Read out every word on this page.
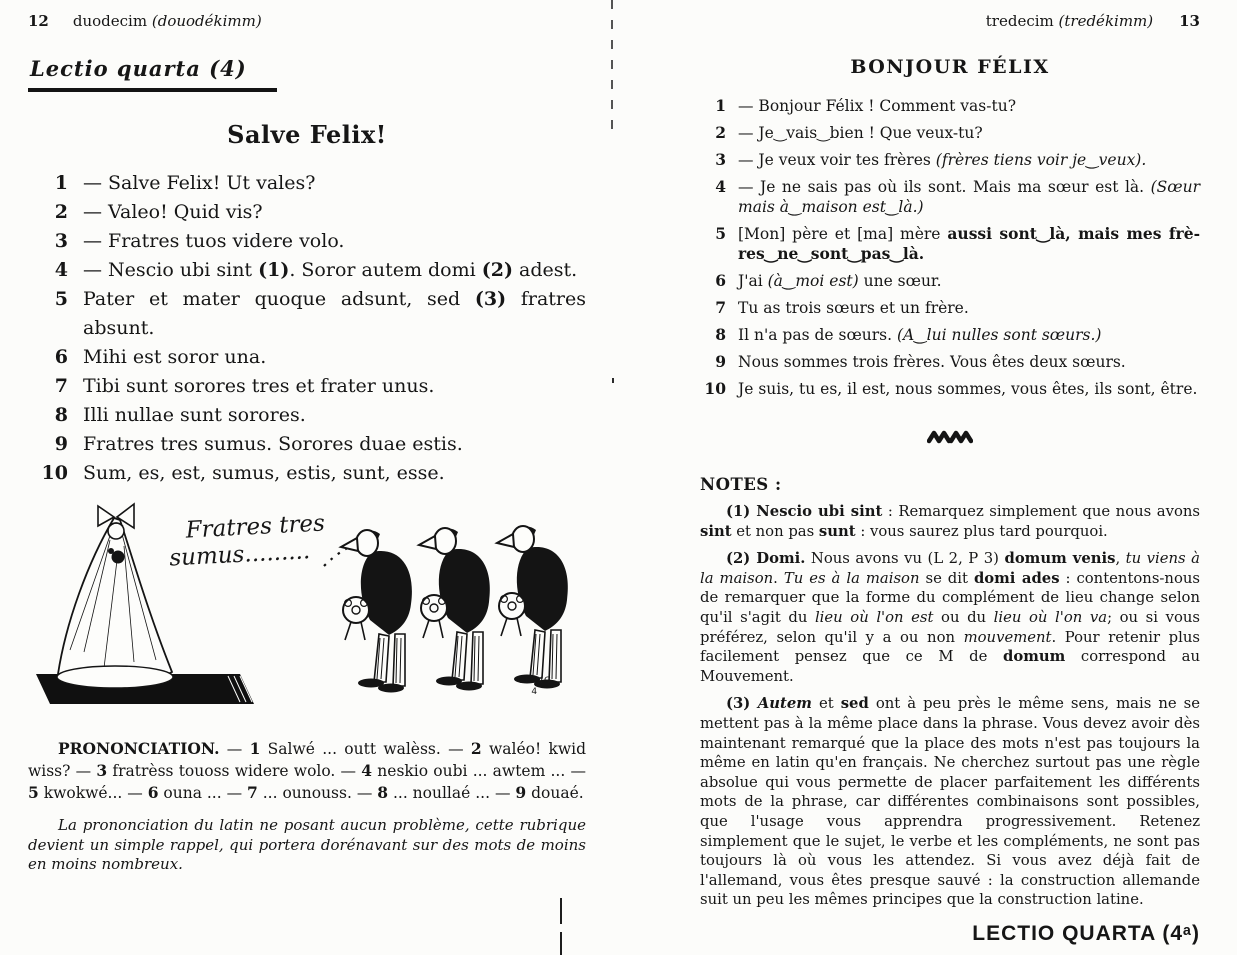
12 duodecim (douodékimm)
Lectio quarta (4)
Salve Felix!
1 — Salve Felix! Ut vales?
2 — Valeo! Quid vis?
3 — Fratres tuos videre volo.
4 — Nescio ubi sint (1). Soror autem domi (2) adest.
5 Pater et mater quoque adsunt, sed (3) fratres absunt.
6 Mihi est soror una.
7 Tibi sunt sorores tres et frater unus.
8 Illi nullae sunt sorores.
9 Fratres tres sumus. Sorores duae estis.
10 Sum, es, est, sumus, estis, sunt, esse.
Fratres tres
sumus.........
GRING
4

PRONONCIATION. — 1 Salwé ... outt walèss. — 2 waléo! kwid wiss? — 3 fratrèss touoss widere wolo. — 4 neskio oubi ... awtem ... — 5 kwokwé... — 6 ouna ... — 7 ... ounouss. — 8 ... noullaé ... — 9 douaé.

La prononciation du latin ne posant aucun problème, cette rubrique devient un simple rappel, qui portera dorénavant sur des mots de moins en moins nombreux.

tredecim (tredékimm) 13
BONJOUR FÉLIX
1 — Bonjour Félix ! Comment vas-tu?
2 — Je‿vais‿bien ! Que veux-tu?
3 — Je veux voir tes frères (frères tiens voir je‿veux).
4 — Je ne sais pas où ils sont. Mais ma sœur est là. (Sœur mais à‿maison est‿là.)
5 [Mon] père et [ma] mère aussi sont‿là, mais mes frè-res‿ne‿sont‿pas‿là.
6 J'ai (à‿moi est) une sœur.
7 Tu as trois sœurs et un frère.
8 Il n'a pas de sœurs. (A‿lui nulles sont sœurs.)
9 Nous sommes trois frères. Vous êtes deux sœurs.
10 Je suis, tu es, il est, nous sommes, vous êtes, ils sont, être.
NOTES :

(1) Nescio ubi sint : Remarquez simplement que nous avons sint et non pas sunt : vous saurez plus tard pourquoi.

(2) Domi. Nous avons vu (L 2, P 3) domum venis, tu viens à la maison. Tu es à la maison se dit domi ades : contentons-nous de remarquer que la forme du complément de lieu change selon qu'il s'agit du lieu où l'on est ou du lieu où l'on va; ou si vous préférez, selon qu'il y a ou non mouvement. Pour retenir plus facilement pensez que ce M de domum correspond au Mouvement.

(3) Autem et sed ont à peu près le même sens, mais ne se mettent pas à la même place dans la phrase. Vous devez avoir dès maintenant remarqué que la place des mots n'est pas toujours la même en latin qu'en français. Ne cherchez surtout pas une règle absolue qui vous permette de placer parfaitement les différents mots de la phrase, car différentes combinaisons sont possibles, que l'usage vous apprendra progressivement. Retenez simplement que le sujet, le verbe et les compléments, ne sont pas toujours là où vous les attendez. Si vous avez déjà fait de l'allemand, vous êtes presque sauvé : la construction allemande suit un peu les mêmes principes que la construction latine.

LECTIO QUARTA (4ᵃ)
